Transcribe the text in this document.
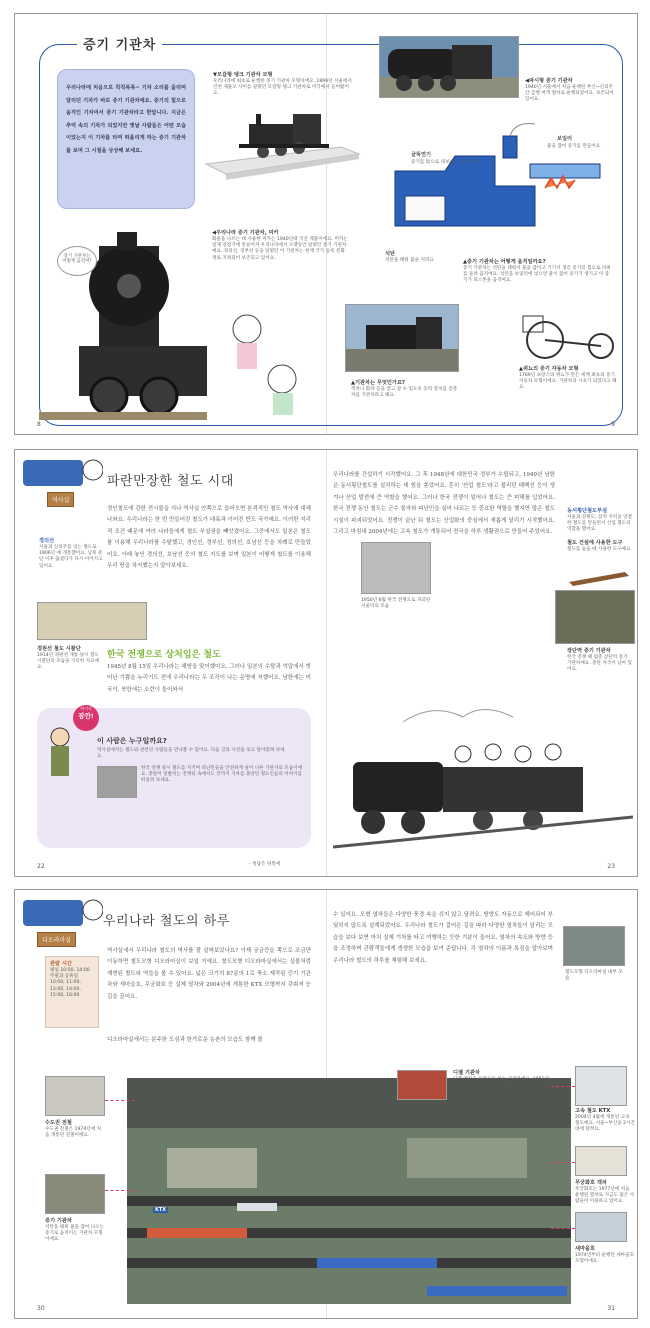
증기 기관차
우리나라에 처음으로 칙칙폭폭~ 기차 소리를 울리며 달리던 기차가 바로 증기 기관차예요. 증기의 힘으로 움직인 기차여서 증기 기관차라고 한답니다. 지금은 추억 속의 기차가 되었지만 옛날 사람들은 어떤 모습이었는지 이 기차를 타며 떠올리게 하는 증기 기관차를 보며 그 시절을 상상해 보세요.
▼모갈형 탱크 기관차 모형
우리나라에 최초로 운행한 증기 기관차 모형이에요. 1899년 서울에서 인천 제물포 사이를 달렸던 모갈형 탱크 기관차로 미국에서 들여왔어요.
◀파시형 증기 기관차
1940년 서울에서 처음 운행된 부산~신의주 간 급행 여객 열차로 운행되었어요. 보존되어 있어요.
굴뚝연기
증기를 밖으로 내보내는 곳이에요
보일러
물을 끓여 증기를 만들어요
석탄
석탄을 태워 불을 지펴요
증기 기관차는 어떻게 움직여?
◀우리나라 증기 기관차, 미카
화물을 나르는 데 사용한 미카는 1940년대 국산 제품이에요. 미카는 일제 강점기에 만들어져 우리나라에서 오랫동안 달렸던 증기 기관차예요. 경의선, 경부선 등을 달렸던 이 기관차는 현재 국가 등록 문화재로 지정되어 보존되고 있어요.
▲증기 기관차는 어떻게 움직일까요?
증기 기관차는 석탄을 태워서 물을 끓이고 거기서 생긴 증기의 힘으로 바퀴를 돌려 움직여요. 석탄을 보일러에 넣으면 물이 끓어 증기가 생기고 이 증기가 피스톤을 움직여요.
▲기관차는 무엇인가요?
객차나 화차 등을 끌고 갈 수 있도록 동력 장치를 갖춘 차를 기관차라고 해요.
▲퀴뇨의 증기 자동차 모형
1769년 프랑스의 퀴뇨가 만든 세계 최초의 증기 자동차 모형이에요. 기관차의 시초가 되었다고 해요.
8	9
역사실
파란만장한 철도 시대
경인철도에 관한 전시물을 지나 역사실 안쪽으로 들어오면 본격적인 철도 역사에 대해 나와요. 우리나라는 한 번 만들어진 철도가 대륙과 이어진 반도 국가예요. 이러한 지리적 조건 때문에 여러 나라들에게 철도 부설권을 빼앗겼어요. 그중에서도 일본은 철도를 이용해 우리나라를 수탈했고, 경인선, 경부선, 경의선, 호남선 등을 차례로 만들었어요. 아래 놓인 경의선, 호남선 등의 철도 지도를 보며 일본이 어떻게 철도를 이용해 우리 땅을 차지했는지 알아보세요.
한국 전쟁으로 상처입은 철도
1945년 8월 15일 우리나라는 해방을 맞이했어요. 그러나 일본의 수탈과 억압에서 벗어난 기쁨을 누리기도 전에 우리나라는 두 조각이 나는 운명에 처했어요. 남한에는 미국이, 북한에는 소련이 들어와서
경의선
서울과 신의주를 잇는 철도로 1906년 에 개통했어요. 남북 분단 이후 끊겼다가 다시 이어지고 있어요.
경원선 철도 시찰단
1914년 경원선 개통 당시 철도 시찰단의 모습을 기록한 자료예요.
여기서
잠깐!
이 사람은 누구일까요?
역사실에서는 철도와 관련된 사람들을 만나볼 수 있어요. 다음 글과 사진을 보고 알아맞혀 보세요.
한국 전쟁 당시 철도를 지키며 피난민들을 안전하게 실어 나른 기관사의 모습이에요. 총알이 빗발치는 전쟁터 속에서도 끝까지 기차를 몰았던 철도인들의 이야기를 떠올려 보세요.
- 정답은 뒤쪽에
우리나라를 간섭하기 시작했어요. 그 후 1948년에 대한민국 정부가 수립되고, 1949년 남한은 동서횡단철도를 설치하는 데 힘을 쏟았어요. 흔히 '산업 철도'라고 불리던 태백선 등이 생겨나 산업 발전에 큰 역할을 했어요. 그러나 한국 전쟁이 일어나 철도는 큰 피해를 입었어요. 한국 전쟁 동안 철도는 군수 물자와 피난민을 실어 나르는 등 중요한 역할을 했지만 많은 철도 시설이 파괴되었어요. 전쟁이 끝난 뒤 철도는 산업화의 중심에서 새롭게 달리기 시작했어요. 그리고 마침내 2004년에는 고속 철도가 개통되어 전국을 하루 생활권으로 만들어 주었어요.
1950년 6월 한국 전쟁으로 파괴된 서울역의 모습
동서횡단철도부설
서울과 강원도, 삼척 지역을 연결한 철도를 만들면서 산업 철도의 역할을 했어요.
철도 건설에 사용한 도구
철도를 놓을 때 사용한 도구예요.
장단역 증기 기관차
한국 전쟁 때 멈춘 장단역 증기 기관차예요. 총탄 자국이 남아 있어요.
22	23
디오라마실
우리나라 철도의 하루
관람 시간
평일 10:00, 14:00 주말과 공휴일 10:00, 11:00, 13:00, 14:00, 15:00, 16:00
역사실에서 우리나라 철도의 역사를 잘 살펴보았나요? 이제 궁금증을 쪽으로 조금만 이동하면 철도모형 디오라마실이 보일 거예요. 철도모형 디오라마실에서는 실물처럼 재현된 철도와 역들을 볼 수 있어요. 넓은 크기의 87분의 1로 축소 제작된 증기 기관차와 새마을호, 무궁화호 등 실제 열차와 2004년에 개통한 KTX 모형까지 갖춰져 눈길을 끌어요.
디오라마실에서는 분주한 도심과 한가로운 농촌의 모습도 함께 볼
수 있어요. 모형 열차들은 다양한 풍경 속을 쉬지 않고 달려요. 방향도 자동으로 제어되어 부딪히지 않도록 설계되었어요. 우리나라 철도가 걸어온 길을 따라 다양한 열차들이 달리는 모습을 보다 보면 마치 실제 기차를 타고 여행하는 듯한 기분이 들어요. 열차의 속도와 방향 등을 조정하며 관람객들에게 생생한 모습을 보여 준답니다. 각 열차의 이름과 특징을 알아보며 우리나라 철도의 하루를 체험해 보세요.
철도모형 디오라마실 내부 모습
KTX
디젤 기관차
디젤 엔진을 동력으로 하는 기관차예요. 1951년 한국 전쟁 때 처음 들어왔어요.
수도권 전철
수도권 전철은 1974년에 처음 개통된 전철이에요.
증기 기관차
석탄을 태워 물을 끓여 나오는 증기로 움직이는 기관차 모형이에요.
고속 철도 KTX
2004년 4월에 개통된 고속 철도예요. 서울~부산을 2시간대에 달려요.
무궁화호 객차
무궁화호는 1977년에 처음 운행된 열차로 지금도 많은 사람들이 이용하고 있어요.
새마을호
1974년부터 운행된 새마을호 모형이에요.
30	31
